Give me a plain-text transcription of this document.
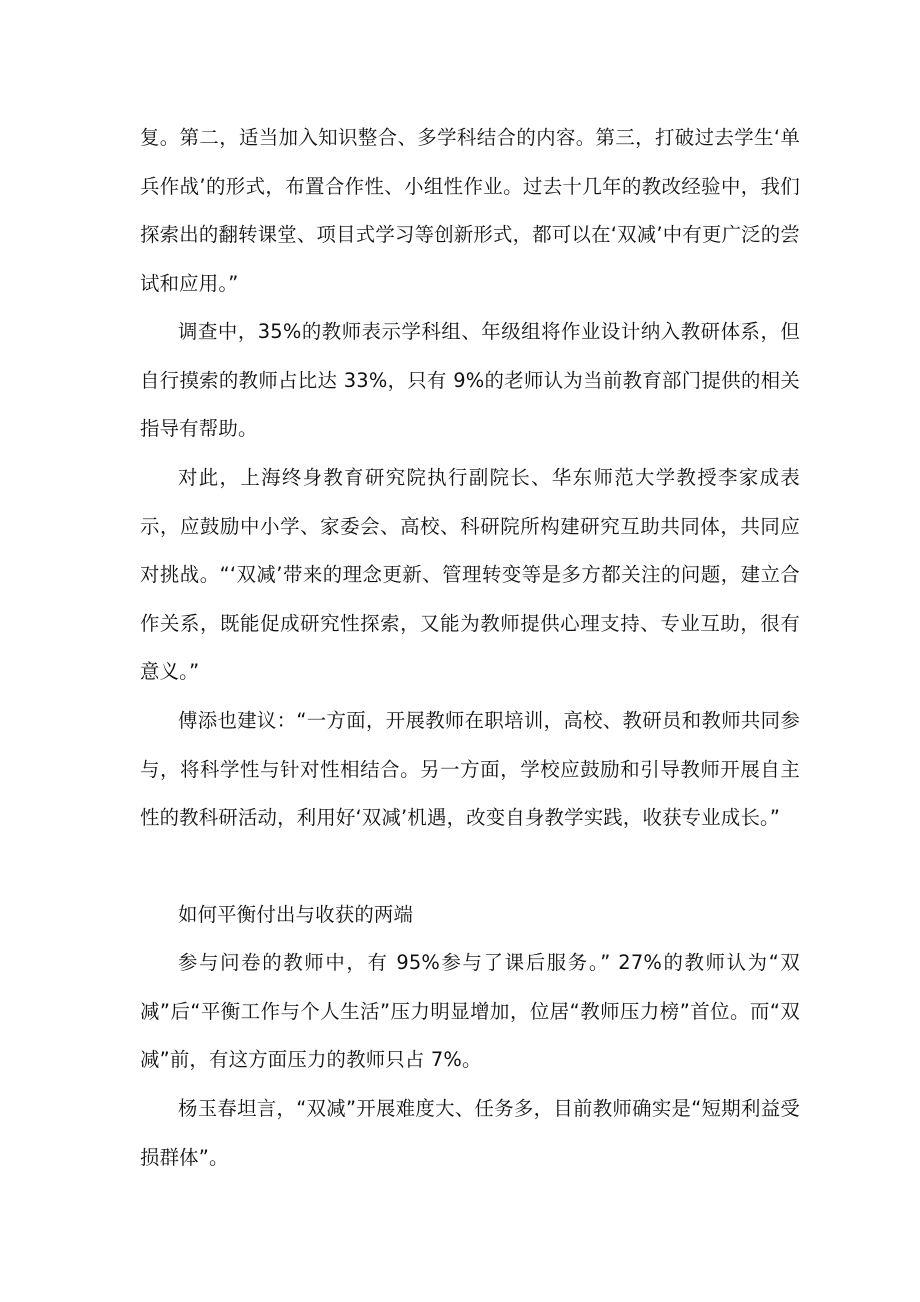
复。第二，适当加入知识整合、多学科结合的内容。第三，打破过去学生‘单兵作战’的形式，布置合作性、小组性作业。过去十几年的教改经验中，我们探索出的翻转课堂、项目式学习等创新形式，都可以在‘双减’中有更广泛的尝试和应用。”

调查中，35%的教师表示学科组、年级组将作业设计纳入教研体系，但自行摸索的教师占比达 33%，只有 9%的老师认为当前教育部门提供的相关指导有帮助。

对此，上海终身教育研究院执行副院长、华东师范大学教授李家成表示，应鼓励中小学、家委会、高校、科研院所构建研究互助共同体，共同应对挑战。“‘双减’带来的理念更新、管理转变等是多方都关注的问题，建立合作关系，既能促成研究性探索，又能为教师提供心理支持、专业互助，很有意义。”

傅添也建议：“一方面，开展教师在职培训，高校、教研员和教师共同参与，将科学性与针对性相结合。另一方面，学校应鼓励和引导教师开展自主性的教科研活动，利用好‘双减’机遇，改变自身教学实践，收获专业成长。”

如何平衡付出与收获的两端

参与问卷的教师中，有 95%参与了课后服务。” 27%的教师认为“双减”后“平衡工作与个人生活”压力明显增加，位居“教师压力榜”首位。而“双减”前，有这方面压力的教师只占 7%。

杨玉春坦言，“双减”开展难度大、任务多，目前教师确实是“短期利益受损群体”。
